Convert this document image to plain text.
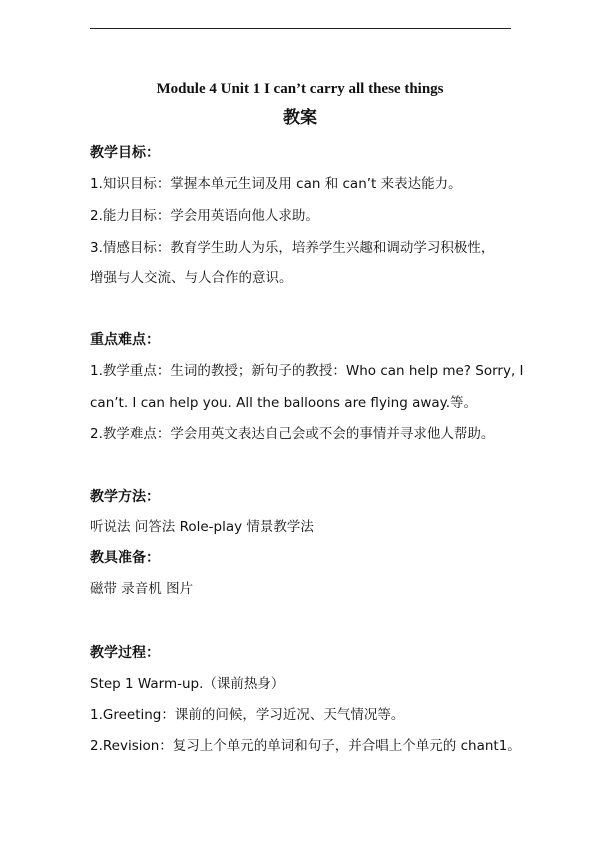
Module 4 Unit 1 I can’t carry all these things
教案
教学目标：
1.知识目标：掌握本单元生词及用 can 和 can’t 来表达能力。
2.能力目标：学会用英语向他人求助。
3.情感目标：教育学生助人为乐，培养学生兴趣和调动学习积极性，
增强与人交流、与人合作的意识。
重点难点：
1.教学重点：生词的教授；新句子的教授：Who can help me? Sorry, I
can’t. I can help you. All the balloons are flying away.等。
2.教学难点：学会用英文表达自己会或不会的事情并寻求他人帮助。
教学方法：
听说法 问答法 Role-play 情景教学法
教具准备：
磁带 录音机 图片
教学过程：
Step 1 Warm-up.（课前热身）
1.Greeting：课前的问候，学习近况、天气情况等。
2.Revision：复习上个单元的单词和句子，并合唱上个单元的 chant1。
